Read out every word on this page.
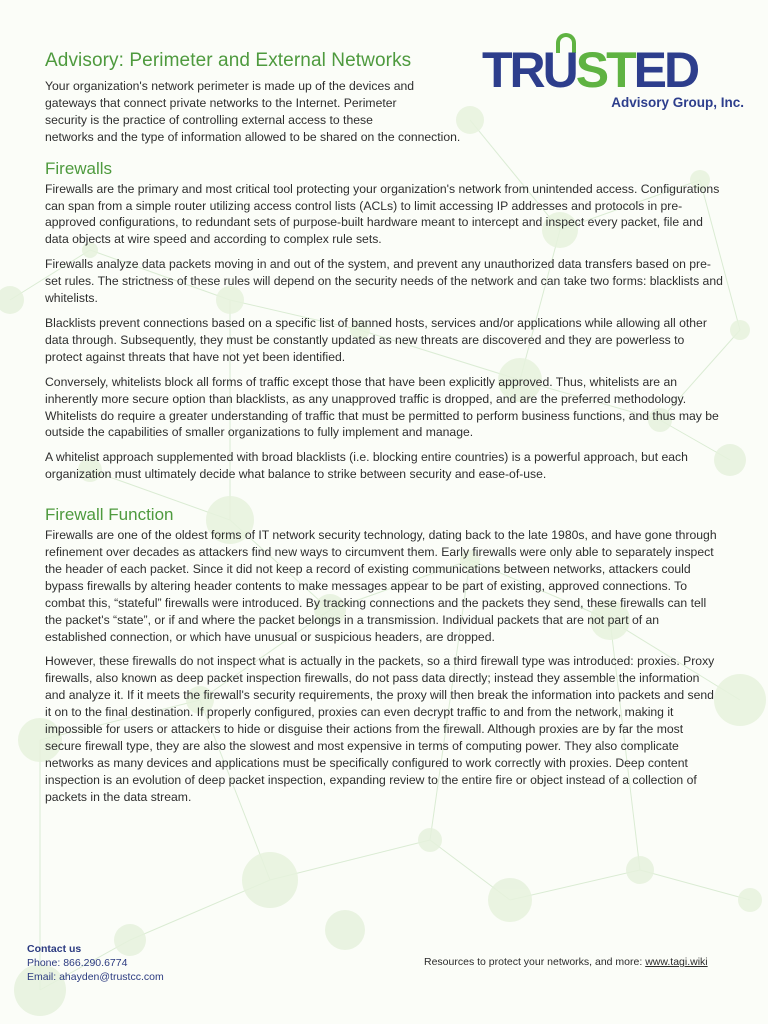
TRUSTED
Advisory Group, Inc.
Advisory: Perimeter and External Networks

Your organization's network perimeter is made up of the devices and
gateways that connect private networks to the Internet. Perimeter
security is the practice of controlling external access to these
networks and the type of information allowed to be shared on the connection.

Firewalls

Firewalls are the primary and most critical tool protecting your organization's network from unintended access. Configurations can span from a simple router utilizing access control lists (ACLs) to limit accessing IP addresses and protocols in pre-approved configurations, to redundant sets of purpose-built hardware meant to intercept and inspect every packet, file and data objects at wire speed and according to complex rule sets.

Firewalls analyze data packets moving in and out of the system, and prevent any unauthorized data transfers based on pre-set rules. The strictness of these rules will depend on the security needs of the network and can take two forms: blacklists and whitelists.

Blacklists prevent connections based on a specific list of banned hosts, services and/or applications while allowing all other data through. Subsequently, they must be constantly updated as new threats are discovered and they are powerless to protect against threats that have not yet been identified.

Conversely, whitelists block all forms of traffic except those that have been explicitly approved. Thus, whitelists are an inherently more secure option than blacklists, as any unapproved traffic is dropped, and are the preferred methodology. Whitelists do require a greater understanding of traffic that must be permitted to perform business functions, and thus may be outside the capabilities of smaller organizations to fully implement and manage.

A whitelist approach supplemented with broad blacklists (i.e. blocking entire countries) is a powerful approach, but each organization must ultimately decide what balance to strike between security and ease-of-use.

Firewall Function

Firewalls are one of the oldest forms of IT network security technology, dating back to the late 1980s, and have gone through refinement over decades as attackers find new ways to circumvent them. Early firewalls were only able to separately inspect the header of each packet. Since it did not keep a record of existing communications between networks, attackers could bypass firewalls by altering header contents to make messages appear to be part of existing, approved connections. To combat this, “stateful” firewalls were introduced. By tracking connections and the packets they send, these firewalls can tell the packet's “state”, or if and where the packet belongs in a transmission. Individual packets that are not part of an established connection, or which have unusual or suspicious headers, are dropped.

However, these firewalls do not inspect what is actually in the packets, so a third firewall type was introduced: proxies. Proxy firewalls, also known as deep packet inspection firewalls, do not pass data directly; instead they assemble the information and analyze it. If it meets the firewall's security requirements, the proxy will then break the information into packets and send it on to the final destination. If properly configured, proxies can even decrypt traffic to and from the network, making it impossible for users or attackers to hide or disguise their actions from the firewall. Although proxies are by far the most secure firewall type, they are also the slowest and most expensive in terms of computing power. They also complicate networks as many devices and applications must be specifically configured to work correctly with proxies. Deep content inspection is an evolution of deep packet inspection, expanding review to the entire fire or object instead of a collection of packets in the data stream.

Contact us
Phone: 866.290.6774
Email: ahayden@trustcc.com
Resources to protect your networks, and more: www.tagi.wiki
